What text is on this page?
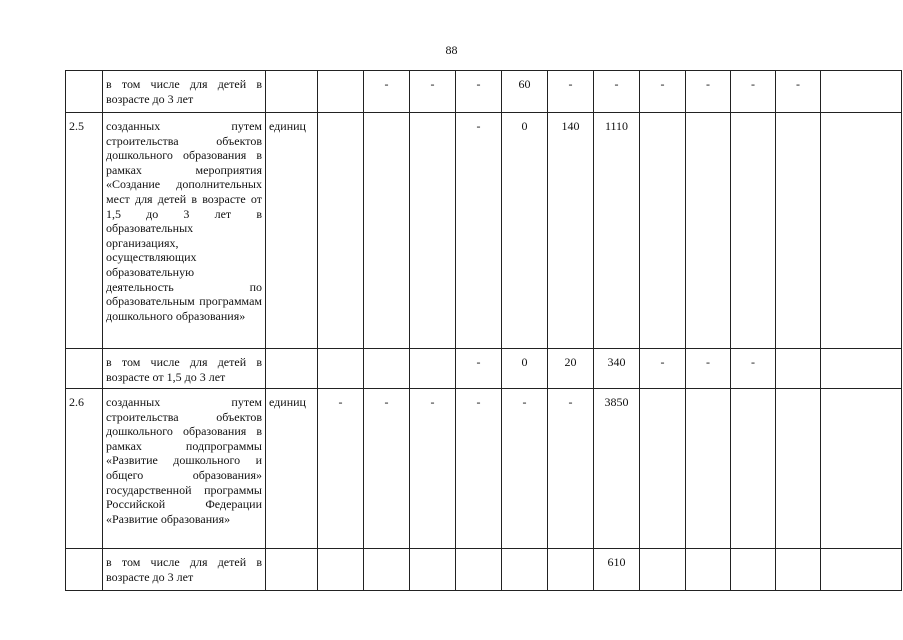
88
	в том числе для детей в возрасте до 3 лет			-	-	-	60	-	-	-	-	-	-	
2.5	созданных путем строительства объектов дошкольного образования в рамках мероприятия «Создание дополнительных мест для детей в возрасте от 1,5 до 3 лет в образовательных организациях, осуществляющих образовательную деятельность по образовательным программам дошкольного образования»	единиц				-	0	140	1110					
	в том числе для детей в возрасте от 1,5 до 3 лет					-	0	20	340	-	-	-		
2.6	созданных путем строительства объектов дошкольного образования в рамках подпрограммы «Развитие дошкольного и общего образования» государственной программы Российской Федерации «Развитие образования»	единиц	-	-	-	-	-	-	3850					
	в том числе для детей в возрасте до 3 лет								610					
